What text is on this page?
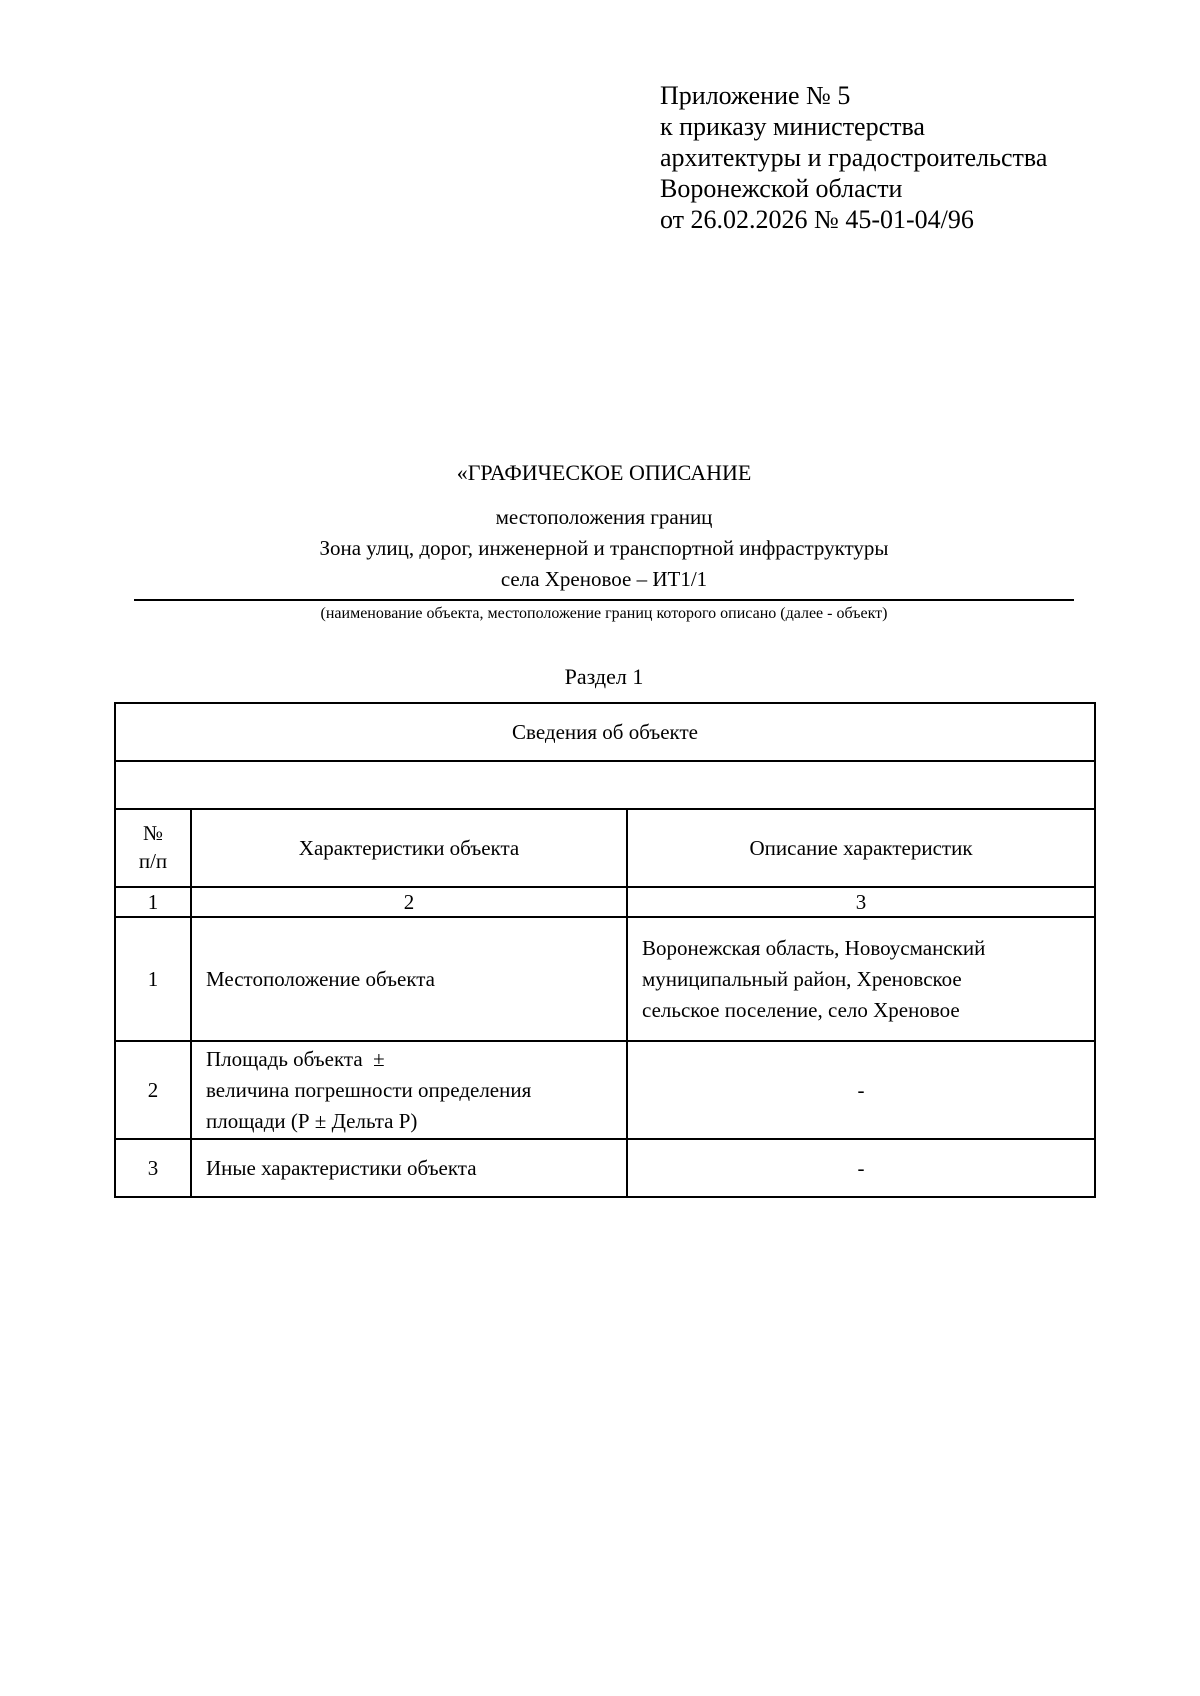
Приложение № 5
к приказу министерства
архитектуры и градостроительства
Воронежской области
от 26.02.2026 № 45-01-04/96
«ГРАФИЧЕСКОЕ ОПИСАНИЕ
местоположения границ
Зона улиц, дорог, инженерной и транспортной инфраструктуры
села Хреновое – ИТ1/1
(наименование объекта, местоположение границ которого описано (далее - объект)
Раздел 1
Сведения об объекте		

№ п/п	Характеристики объекта	Описание характеристик
1	2	3
1	Местоположение объекта	Воронежская область, Новоусманский
муниципальный район, Хреновское
сельское поселение, село Хреновое

2	Площадь объекта  ±
величина погрешности определения
площади (Р ± Дельта Р)	-
3	Иные характеристики объекта	-
